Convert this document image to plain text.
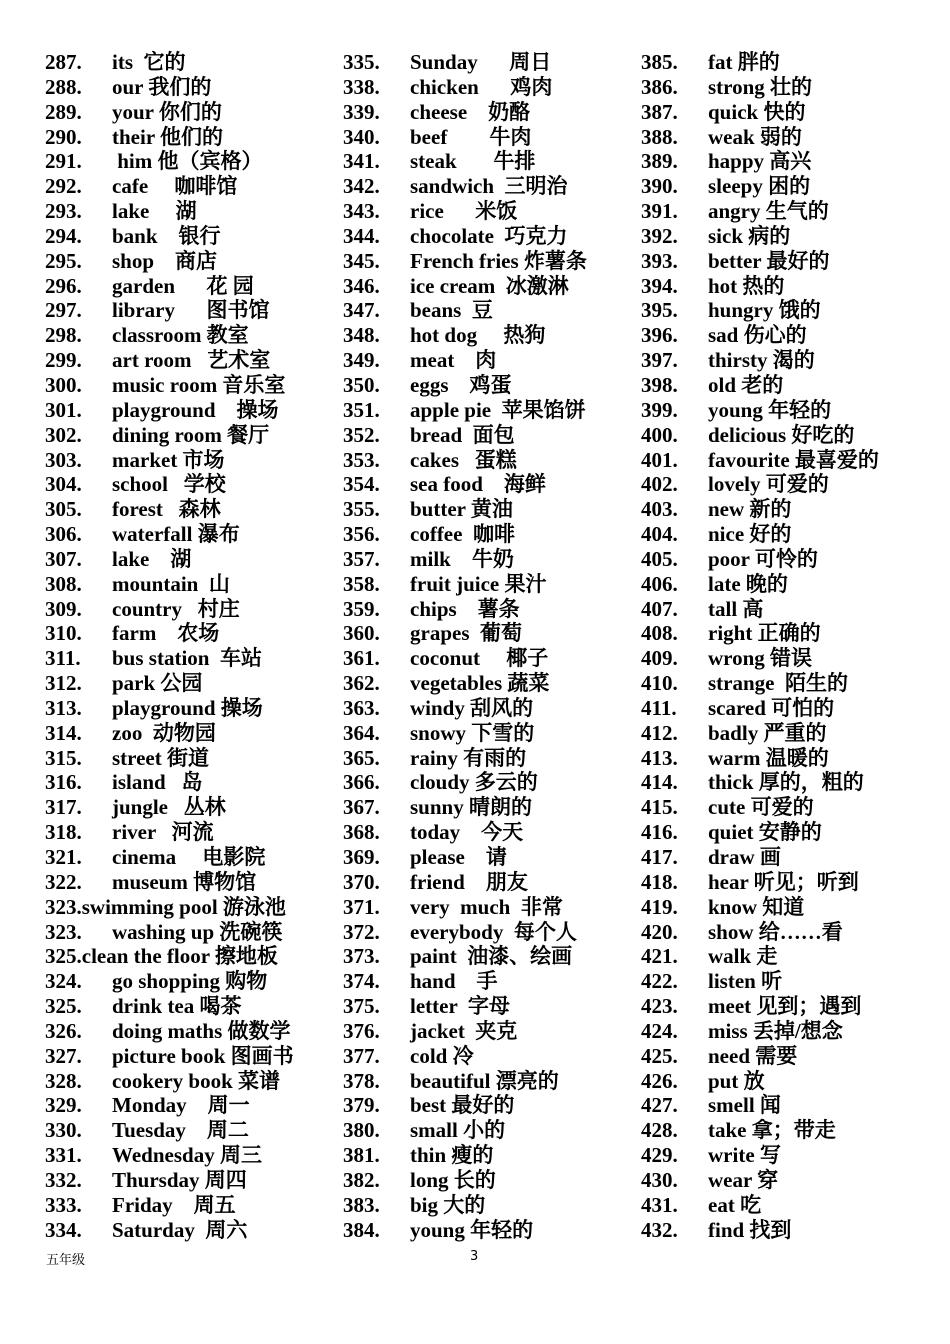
287. its  它的
288. our 我们的
289. your 你们的
290. their 他们的
291. him 他（宾格）
292. cafe     咖啡馆
293. lake     湖
294. bank    银行
295. shop    商店
296. garden      花 园
297. library      图书馆
298. classroom 教室
299. art room   艺术室
300. music room 音乐室
301. playground    操场
302. dining room 餐厅
303. market 市场
304. school   学校
305. forest   森林
306. waterfall 瀑布
307. lake    湖
308. mountain  山
309. country   村庄
310. farm    农场
311. bus station  车站
312. park 公园
313. playground 操场
314. zoo  动物园
315. street 街道
316. island   岛
317. jungle   丛林
318. river   河流
321. cinema     电影院
322. museum 博物馆
323.swimming pool 游泳池
323. washing up 洗碗筷
325.clean the floor 擦地板
324. go shopping 购物
325. drink tea 喝茶
326. doing maths 做数学
327. picture book 图画书
328. cookery book 菜谱
329. Monday    周一
330. Tuesday    周二
331. Wednesday 周三
332. Thursday 周四
333. Friday    周五
334. Saturday  周六
335. Sunday      周日
338. chicken      鸡肉
339. cheese    奶酪
340. beef        牛肉
341. steak       牛排
342. sandwich  三明治
343. rice      米饭
344. chocolate  巧克力
345. French fries 炸薯条
346. ice cream  冰激淋
347. beans  豆
348. hot dog     热狗
349. meat    肉
350. eggs    鸡蛋
351. apple pie  苹果馅饼
352. bread  面包
353. cakes   蛋糕
354. sea food    海鲜
355. butter 黄油
356. coffee  咖啡
357. milk    牛奶
358. fruit juice 果汁
359. chips    薯条
360. grapes  葡萄
361. coconut     椰子
362. vegetables 蔬菜
363. windy 刮风的
364. snowy 下雪的
365. rainy 有雨的
366. cloudy 多云的
367. sunny 晴朗的
368. today    今天
369. please    请
370. friend    朋友
371. very  much  非常
372. everybody  每个人
373. paint  油漆、绘画
374. hand    手
375. letter  字母
376. jacket  夹克
377. cold 冷
378. beautiful 漂亮的
379. best 最好的
380. small 小的
381. thin 瘦的
382. long 长的
383. big 大的
384. young 年轻的
385. fat 胖的
386. strong 壮的
387. quick 快的
388. weak 弱的
389. happy 高兴
390. sleepy 困的
391. angry 生气的
392. sick 病的
393. better 最好的
394. hot 热的
395. hungry 饿的
396. sad 伤心的
397. thirsty 渴的
398. old 老的
399. young 年轻的
400. delicious 好吃的
401. favourite 最喜爱的
402. lovely 可爱的
403. new 新的
404. nice 好的
405. poor 可怜的
406. late 晚的
407. tall 高
408. right 正确的
409. wrong 错误
410. strange  陌生的
411. scared 可怕的
412. badly 严重的
413. warm 温暖的
414. thick 厚的，粗的
415. cute 可爱的
416. quiet 安静的
417. draw 画
418. hear 听见；听到
419. know 知道
420. show 给……看
421. walk 走
422. listen 听
423. meet 见到；遇到
424. miss 丢掉/想念
425. need 需要
426. put 放
427. smell 闻
428. take 拿；带走
429. write 写
430. wear 穿
431. eat 吃
432. find 找到
五年级	3
